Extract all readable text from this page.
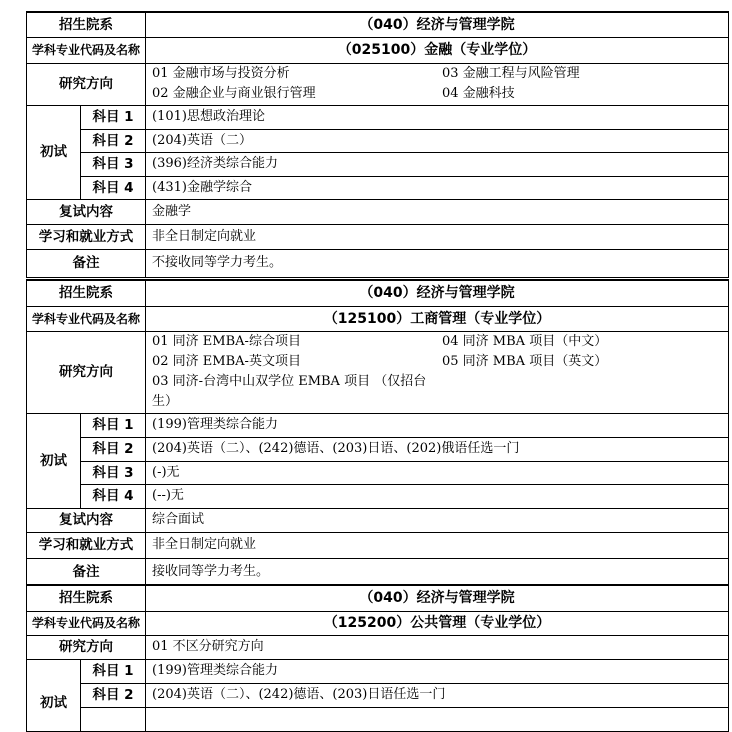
招生院系		（040）经济与管理学院
学科专业代码及名称		（025100）金融（专业学位）
研究方向		01 金融市场与投资分析 03 金融工程与风险管理
02 金融企业与商业银行管理 04 金融科技

初试	科目 1	(101)思想政治理论
	科目 2	(204)英语（二）
	科目 3	(396)经济类综合能力
	科目 4	(431)金融学综合
复试内容		金融学
学习和就业方式		非全日制定向就业
备注		不接收同等学力考生。
招生院系		（040）经济与管理学院
学科专业代码及名称		（125100）工商管理（专业学位）
研究方向		01 同济 EMBA-综合项目 04 同济 MBA 项目（中文）
02 同济 EMBA-英文项目 05 同济 MBA 项目（英文）
03 同济-台湾中山双学位 EMBA 项目 （仅招台生）

初试	科目 1	(199)管理类综合能力
	科目 2	(204)英语（二）、(242)德语、(203)日语、(202)俄语任选一门
	科目 3	(-)无
	科目 4	(--)无
复试内容		综合面试
学习和就业方式		非全日制定向就业
备注		接收同等学力考生。
招生院系		（040）经济与管理学院
学科专业代码及名称		（125200）公共管理（专业学位）
研究方向		01 不区分研究方向
初试	科目 1	(199)管理类综合能力
	科目 2	(204)英语（二）、(242)德语、(203)日语任选一门
